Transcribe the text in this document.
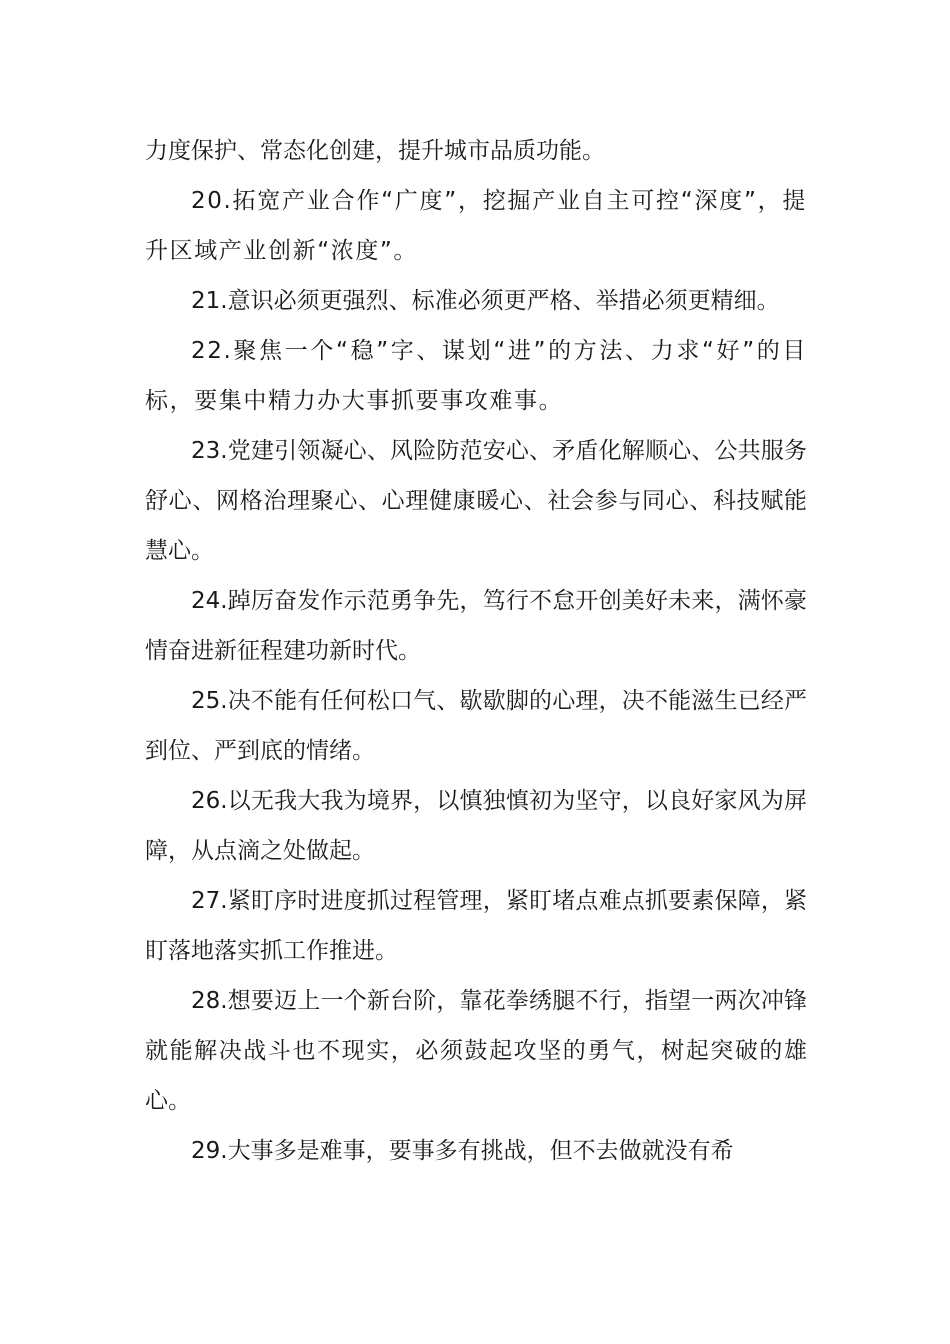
力度保护、常态化创建，提升城市品质功能。

20.拓宽产业合作“广度”，挖掘产业自主可控“深度”，提升区域产业创新“浓度”。

21.意识必须更强烈、标准必须更严格、举措必须更精细。

22.聚焦一个“稳”字、谋划“进”的方法、力求“好”的目标，要集中精力办大事抓要事攻难事。

23.党建引领凝心、风险防范安心、矛盾化解顺心、公共服务舒心、网格治理聚心、心理健康暖心、社会参与同心、科技赋能慧心。

24.踔厉奋发作示范勇争先，笃行不怠开创美好未来，满怀豪情奋进新征程建功新时代。

25.决不能有任何松口气、歇歇脚的心理，决不能滋生已经严到位、严到底的情绪。

26.以无我大我为境界，以慎独慎初为坚守，以良好家风为屏障，从点滴之处做起。

27.紧盯序时进度抓过程管理，紧盯堵点难点抓要素保障，紧盯落地落实抓工作推进。

28.想要迈上一个新台阶，靠花拳绣腿不行，指望一两次冲锋就能解决战斗也不现实，必须鼓起攻坚的勇气，树起突破的雄心。

29.大事多是难事，要事多有挑战，但不去做就没有希
